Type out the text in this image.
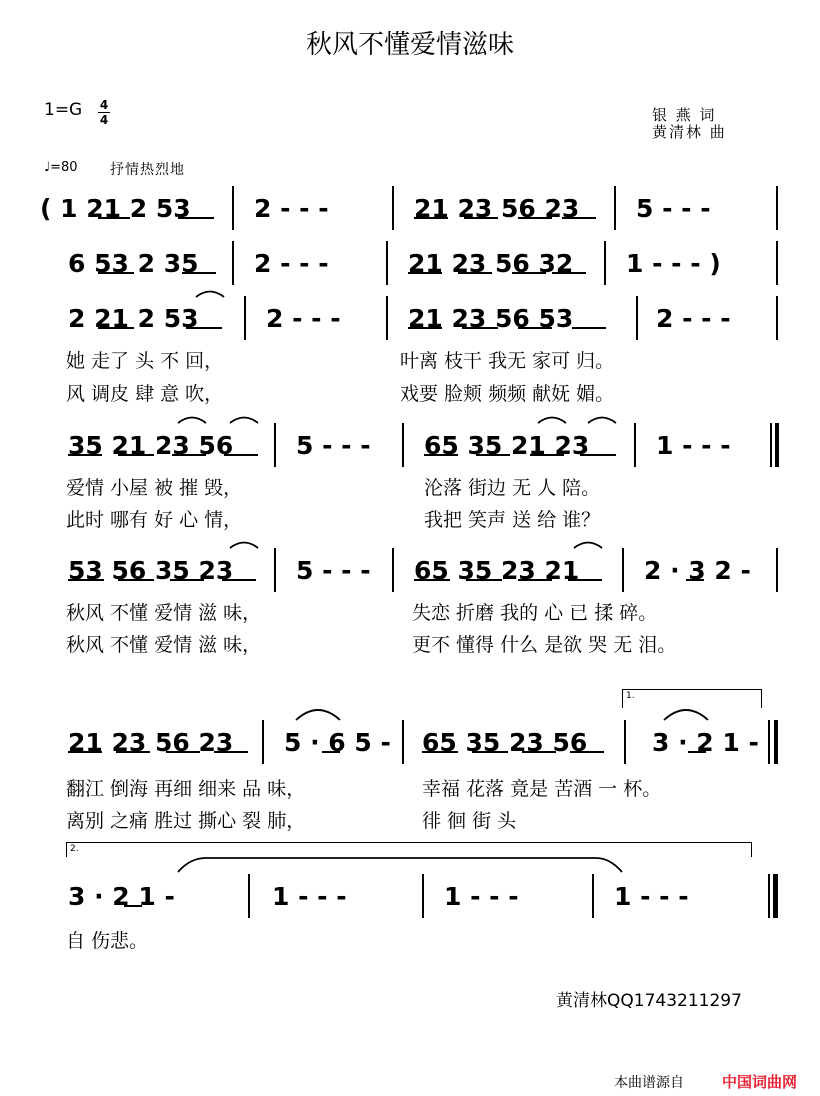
秋风不懂爱情滋味
1=G 4
4	银 燕 词
黄清林 曲
♩=80 抒情热烈地
( 1 21 2 53	2 - - -	21 23 56 23 5 - - -
6 53 2 35 2 - - -	21 23 56 32 1 - - - )
2 21 2 53	2 - - -	21 23 56 53	2 - - -
她 走了 头 不 回，	叶离 枝干 我无 家可 归。
风 调皮 肆 意 吹，	戏要 脸颊 频频 献妩 媚。
35 21 23 56	5 - - - 65 35 21 23	1 - - -
爱情 小屋 被 摧 毁，	沦落 街边 无 人 陪。
此时 哪有 好 心 情，	我把 笑声 送 给 谁？
53 56 35 23	5 - - - 65 35 23 21	2 · 3 2 -
秋风 不懂 爱情 滋 味，	失恋 折磨 我的 心 已 揉 碎。
秋风 不懂 爱情 滋 味，	更不 懂得 什么 是欲 哭 无 泪。
1.
21 23 56 23 5 · 6 5 - 65 35 23 56	3 · 2 1 -
翻江 倒海 再细 细来 品 味，	幸福 花落 竟是 苦酒 一 杯。
离别 之痛 胜过 撕心 裂 肺，	徘 徊 街 头
2.
3 · 2 1 -	1 - - -	1 - - -	1 - - -
自 伤悲。
黄清林QQ1743211297
本曲谱源自	中国词曲网
